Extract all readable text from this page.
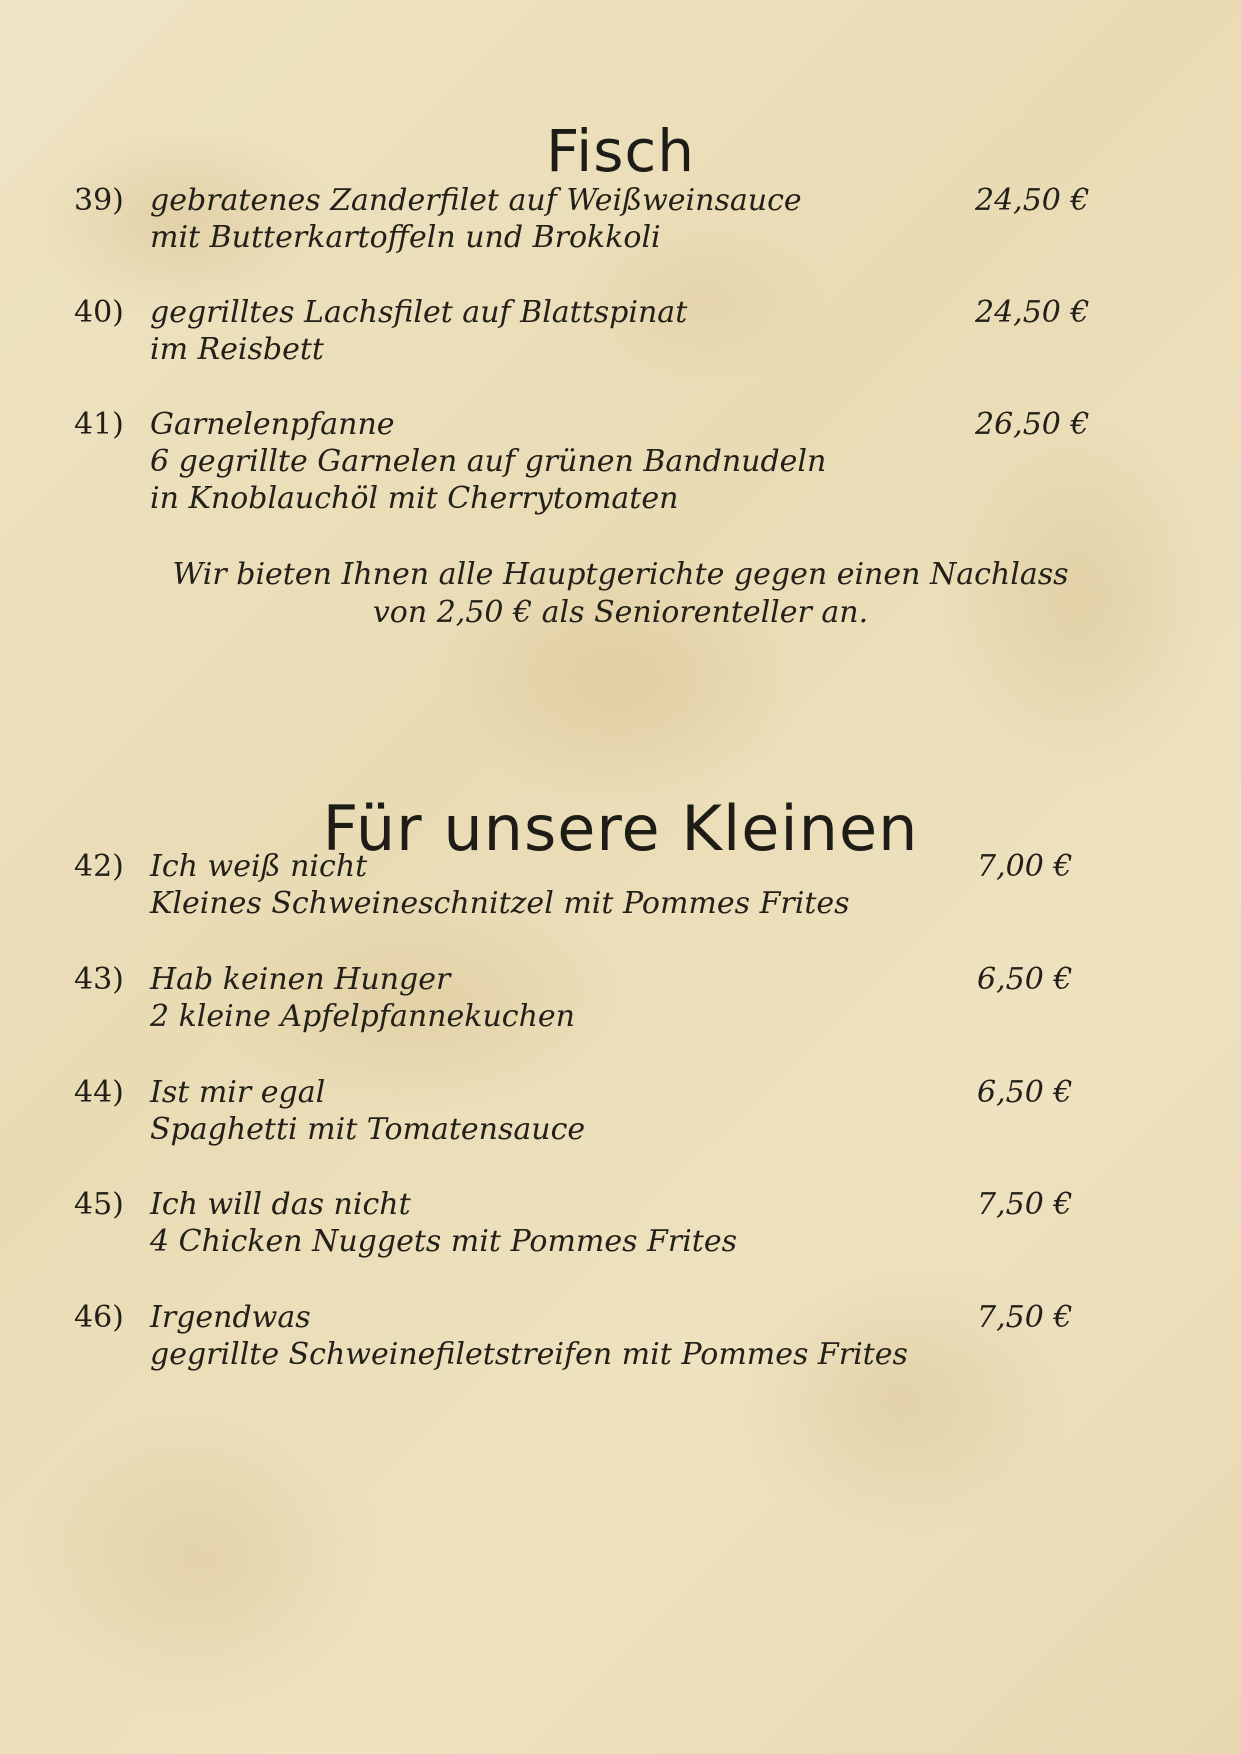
Fisch
39) gebratenes Zanderfilet auf Weißweinsauce
mit Butterkartoffeln und Brokkoli
24,50 €
40) gegrilltes Lachsfilet auf Blattspinat
im Reisbett
24,50 €
41) Garnelenpfanne
6 gegrillte Garnelen auf grünen Bandnudeln
in Knoblauchöl mit Cherrytomaten
26,50 €
Wir bieten Ihnen alle Hauptgerichte gegen einen Nachlass
von 2,50 € als Seniorenteller an.
Für unsere Kleinen
42) Ich weiß nicht
Kleines Schweineschnitzel mit Pommes Frites
7,00 €
43) Hab keinen Hunger
2 kleine Apfelpfannekuchen
6,50 €
44) Ist mir egal
Spaghetti mit Tomatensauce
6,50 €
45) Ich will das nicht
4 Chicken Nuggets mit Pommes Frites
7,50 €
46) Irgendwas
gegrillte Schweinefiletstreifen mit Pommes Frites
7,50 €
